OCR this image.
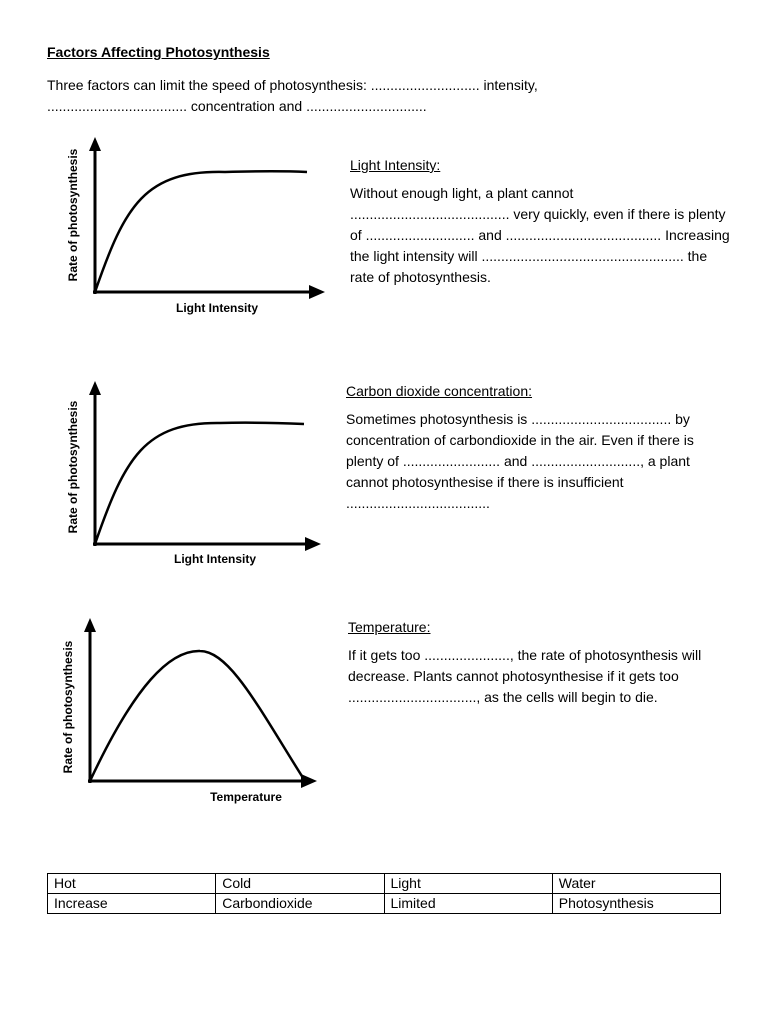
Factors Affecting Photosynthesis

Three factors can limit the speed of photosynthesis: ............................ intensity, .................................... concentration and ...............................

Rate of photosynthesis
Light Intensity

Light Intensity:

Without enough light, a plant cannot ......................................... very quickly, even if there is plenty of ............................ and ........................................ Increasing the light intensity will .................................................... the rate of photosynthesis.

Rate of photosynthesis
Light Intensity

Carbon dioxide concentration:

Sometimes photosynthesis is .................................... by concentration of carbondioxide in the air. Even if there is plenty of ......................... and ............................, a plant cannot photosynthesise if there is insufficient .....................................

Rate of photosynthesis
Temperature

Temperature:

If it gets too ......................, the rate of photosynthesis will decrease. Plants cannot photosynthesise if it gets too ................................., as the cells will begin to die.

Hot	Cold	Light	Water
Increase	Carbondioxide	Limited	Photosynthesis
